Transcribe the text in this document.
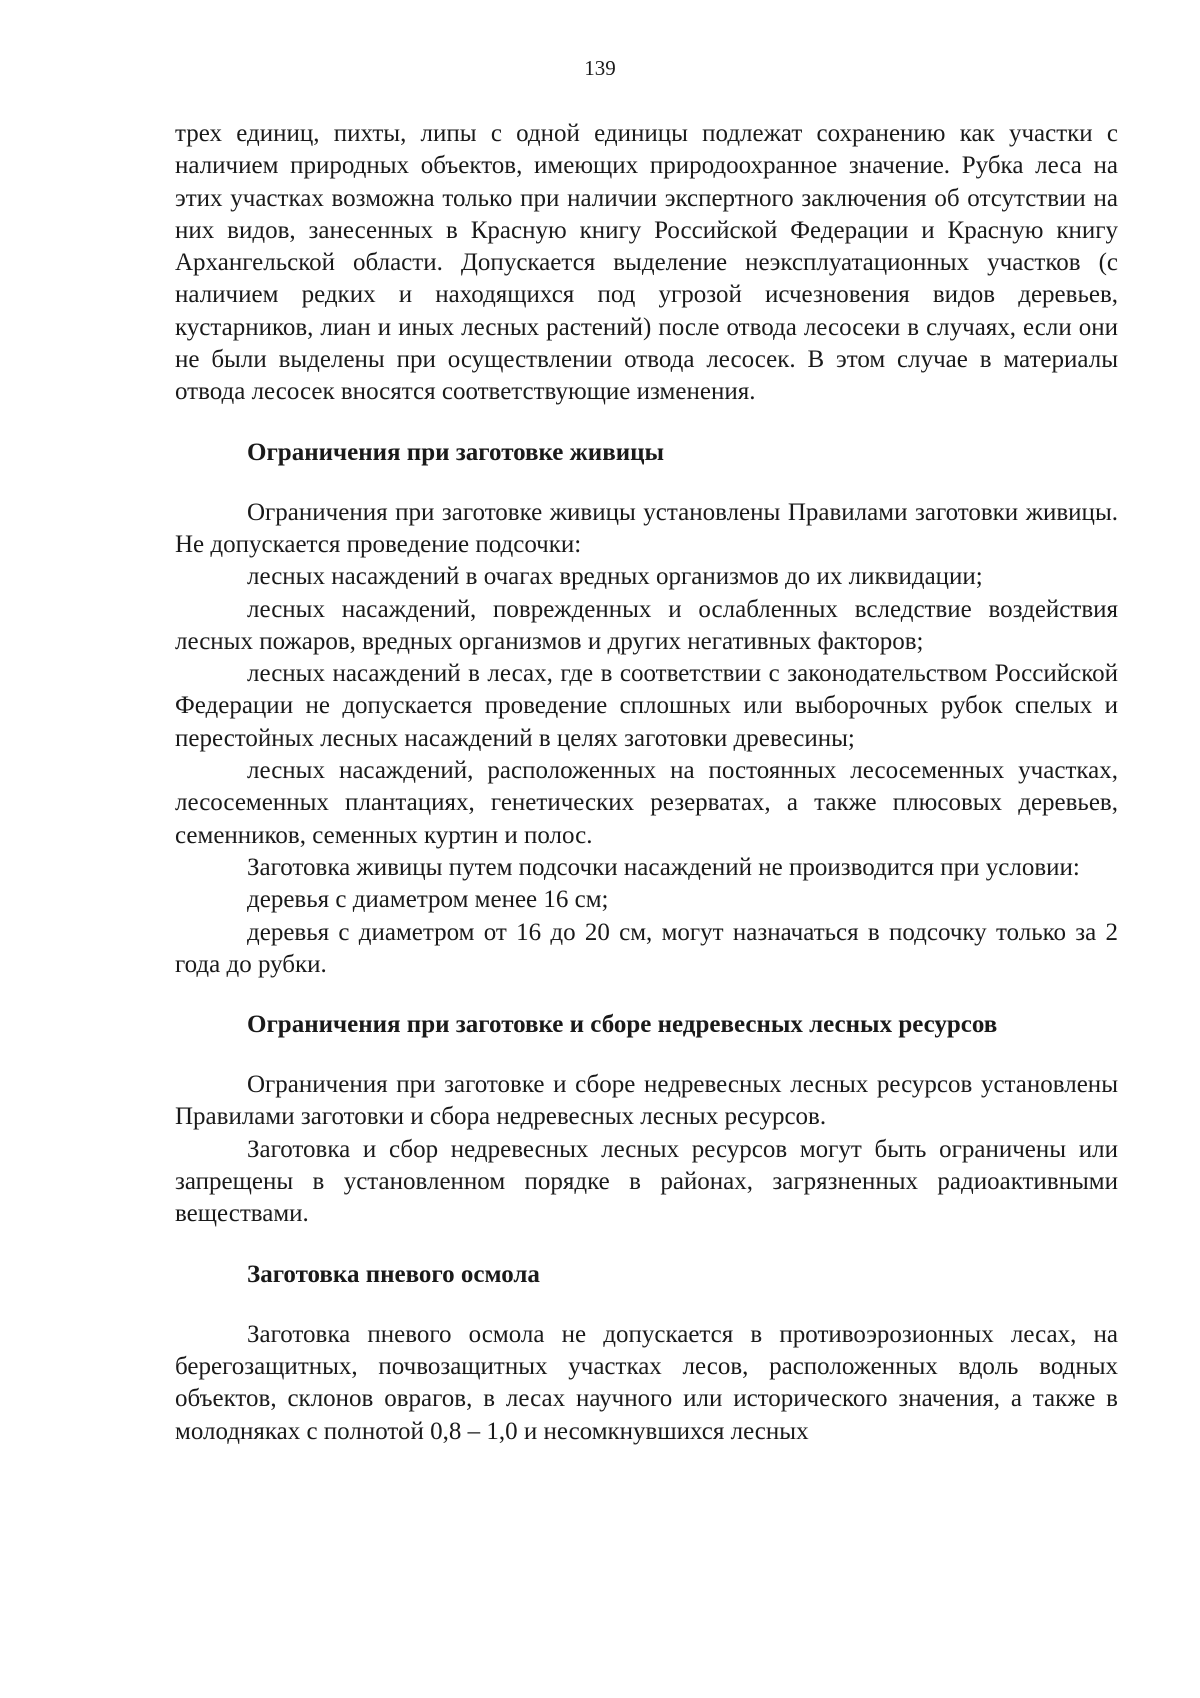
139

трех единиц, пихты, липы с одной единицы подлежат сохранению как участки с наличием природных объектов, имеющих природоохранное значение. Рубка леса на этих участках возможна только при наличии экспертного заключения об отсутствии на них видов, занесенных в Красную книгу Российской Федерации и Красную книгу Архангельской области. Допускается выделение неэксплуатационных участков (с наличием редких и находящихся под угрозой исчезновения видов деревьев, кустарников, лиан и иных лесных растений) после отвода лесосеки в случаях, если они не были выделены при осуществлении отвода лесосек. В этом случае в материалы отвода лесосек вносятся соответствующие изменения.

Ограничения при заготовке живицы

Ограничения при заготовке живицы установлены Правилами заготовки живицы. Не допускается проведение подсочки:

лесных насаждений в очагах вредных организмов до их ликвидации;

лесных насаждений, поврежденных и ослабленных вследствие воздействия лесных пожаров, вредных организмов и других негативных факторов;

лесных насаждений в лесах, где в соответствии с законодательством Российской Федерации не допускается проведение сплошных или выборочных рубок спелых и перестойных лесных насаждений в целях заготовки древесины;

лесных насаждений, расположенных на постоянных лесосеменных участках, лесосеменных плантациях, генетических резерватах, а также плюсовых деревьев, семенников, семенных куртин и полос.

Заготовка живицы путем подсочки насаждений не производится при условии:

деревья с диаметром менее 16 см;

деревья с диаметром от 16 до 20 см, могут назначаться в подсочку только за 2 года до рубки.

Ограничения при заготовке и сборе недревесных лесных ресурсов

Ограничения при заготовке и сборе недревесных лесных ресурсов установлены Правилами заготовки и сбора недревесных лесных ресурсов.

Заготовка и сбор недревесных лесных ресурсов могут быть ограничены или запрещены в установленном порядке в районах, загрязненных радиоактивными веществами.

Заготовка пневого осмола

Заготовка пневого осмола не допускается в противоэрозионных лесах, на берегозащитных, почвозащитных участках лесов, расположенных вдоль водных объектов, склонов оврагов, в лесах научного или исторического значения, а также в молодняках с полнотой 0,8 – 1,0 и несомкнувшихся лесных
